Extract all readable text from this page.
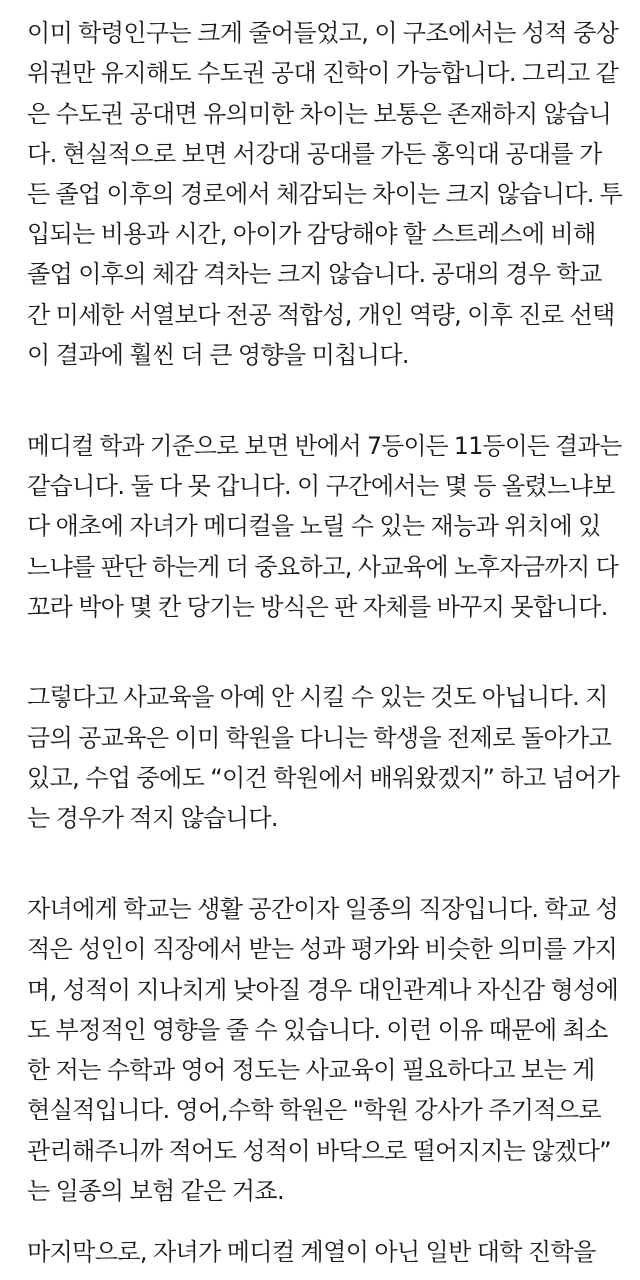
이미 학령인구는 크게 줄어들었고, 이 구조에서는 성적 중상
위권만 유지해도 수도권 공대 진학이 가능합니다. 그리고 같
은 수도권 공대면 유의미한 차이는 보통은 존재하지 않습니
다. 현실적으로 보면 서강대 공대를 가든 홍익대 공대를 가
든 졸업 이후의 경로에서 체감되는 차이는 크지 않습니다. 투
입되는 비용과 시간, 아이가 감당해야 할 스트레스에 비해
졸업 이후의 체감 격차는 크지 않습니다. 공대의 경우 학교
간 미세한 서열보다 전공 적합성, 개인 역량, 이후 진로 선택
이 결과에 훨씬 더 큰 영향을 미칩니다.
메디컬 학과 기준으로 보면 반에서 7등이든 11등이든 결과는
같습니다. 둘 다 못 갑니다. 이 구간에서는 몇 등 올렸느냐보
다 애초에 자녀가 메디컬을 노릴 수 있는 재능과 위치에 있
느냐를 판단 하는게 더 중요하고, 사교육에 노후자금까지 다
꼬라 박아 몇 칸 당기는 방식은 판 자체를 바꾸지 못합니다.
그렇다고 사교육을 아예 안 시킬 수 있는 것도 아닙니다. 지
금의 공교육은 이미 학원을 다니는 학생을 전제로 돌아가고
있고, 수업 중에도 “이건 학원에서 배워왔겠지” 하고 넘어가
는 경우가 적지 않습니다.
자녀에게 학교는 생활 공간이자 일종의 직장입니다. 학교 성
적은 성인이 직장에서 받는 성과 평가와 비슷한 의미를 가지
며, 성적이 지나치게 낮아질 경우 대인관계나 자신감 형성에
도 부정적인 영향을 줄 수 있습니다. 이런 이유 때문에 최소
한 저는 수학과 영어 정도는 사교육이 필요하다고 보는 게
현실적입니다. 영어,수학 학원은 "학원 강사가 주기적으로
관리해주니까 적어도 성적이 바닥으로 떨어지지는 않겠다”
는 일종의 보험 같은 거죠.
마지막으로, 자녀가 메디컬 계열이 아닌 일반 대학 진학을
